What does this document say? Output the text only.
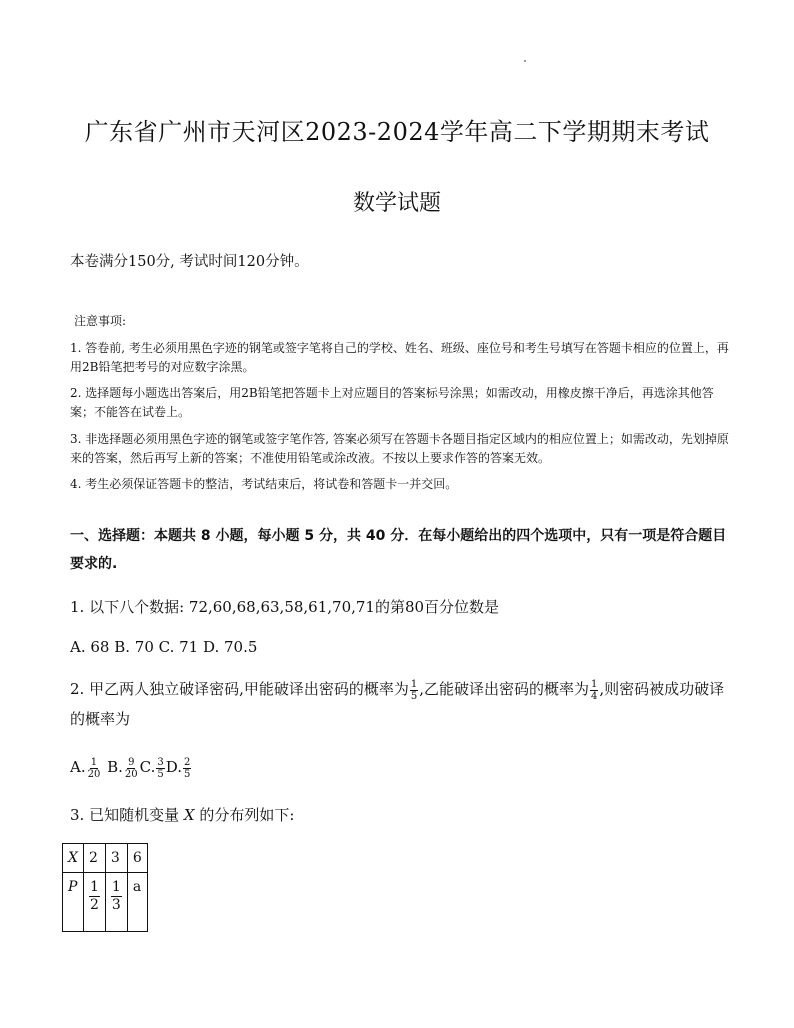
广东省广州市天河区2023-2024学年高二下学期期末考试
数学试题
本卷满分150分, 考试时间120分钟。
注意事项:
1. 答卷前, 考生必须用黑色字迹的钢笔或签字笔将自己的学校、姓名、班级、座位号和考生号填写在答题卡相应的位置上，再用2B铅笔把考号的对应数字涂黑。
2. 选择题每小题选出答案后，用2B铅笔把答题卡上对应题目的答案标号涂黑；如需改动，用橡皮擦干净后，再选涂其他答案；不能答在试卷上。
3. 非选择题必须用黑色字迹的钢笔或签字笔作答, 答案必须写在答题卡各题目指定区域内的相应位置上；如需改动，先划掉原来的答案，然后再写上新的答案；不准使用铅笔或涂改液。不按以上要求作答的答案无效。
4. 考生必须保证答题卡的整洁，考试结束后，将试卷和答题卡一并交回。
一、选择题：本题共 8 小题，每小题 5 分，共 40 分．在每小题给出的四个选项中，只有一项是符合题目要求的.
1. 以下八个数据: 72,60,68,63,58,61,70,71的第80百分位数是
A. 68 B. 70 C. 71 D. 70.5
2. 甲乙两人独立破译密码,甲能破译出密码的概率为 $\frac{1}{5}$ ,乙能破译出密码的概率为 $\frac{1}{4}$ ,则密码被成功破译的概率为
A. $\frac{1}{20} B$. $\frac{9}{20} C$. $\frac{3}{5} D$. $\frac{2}{5}$
3. 已知随机变量 X 的分布列如下:
X	2	3	6
P	$\frac{1}{2}$	$\frac{1}{3}$	a
